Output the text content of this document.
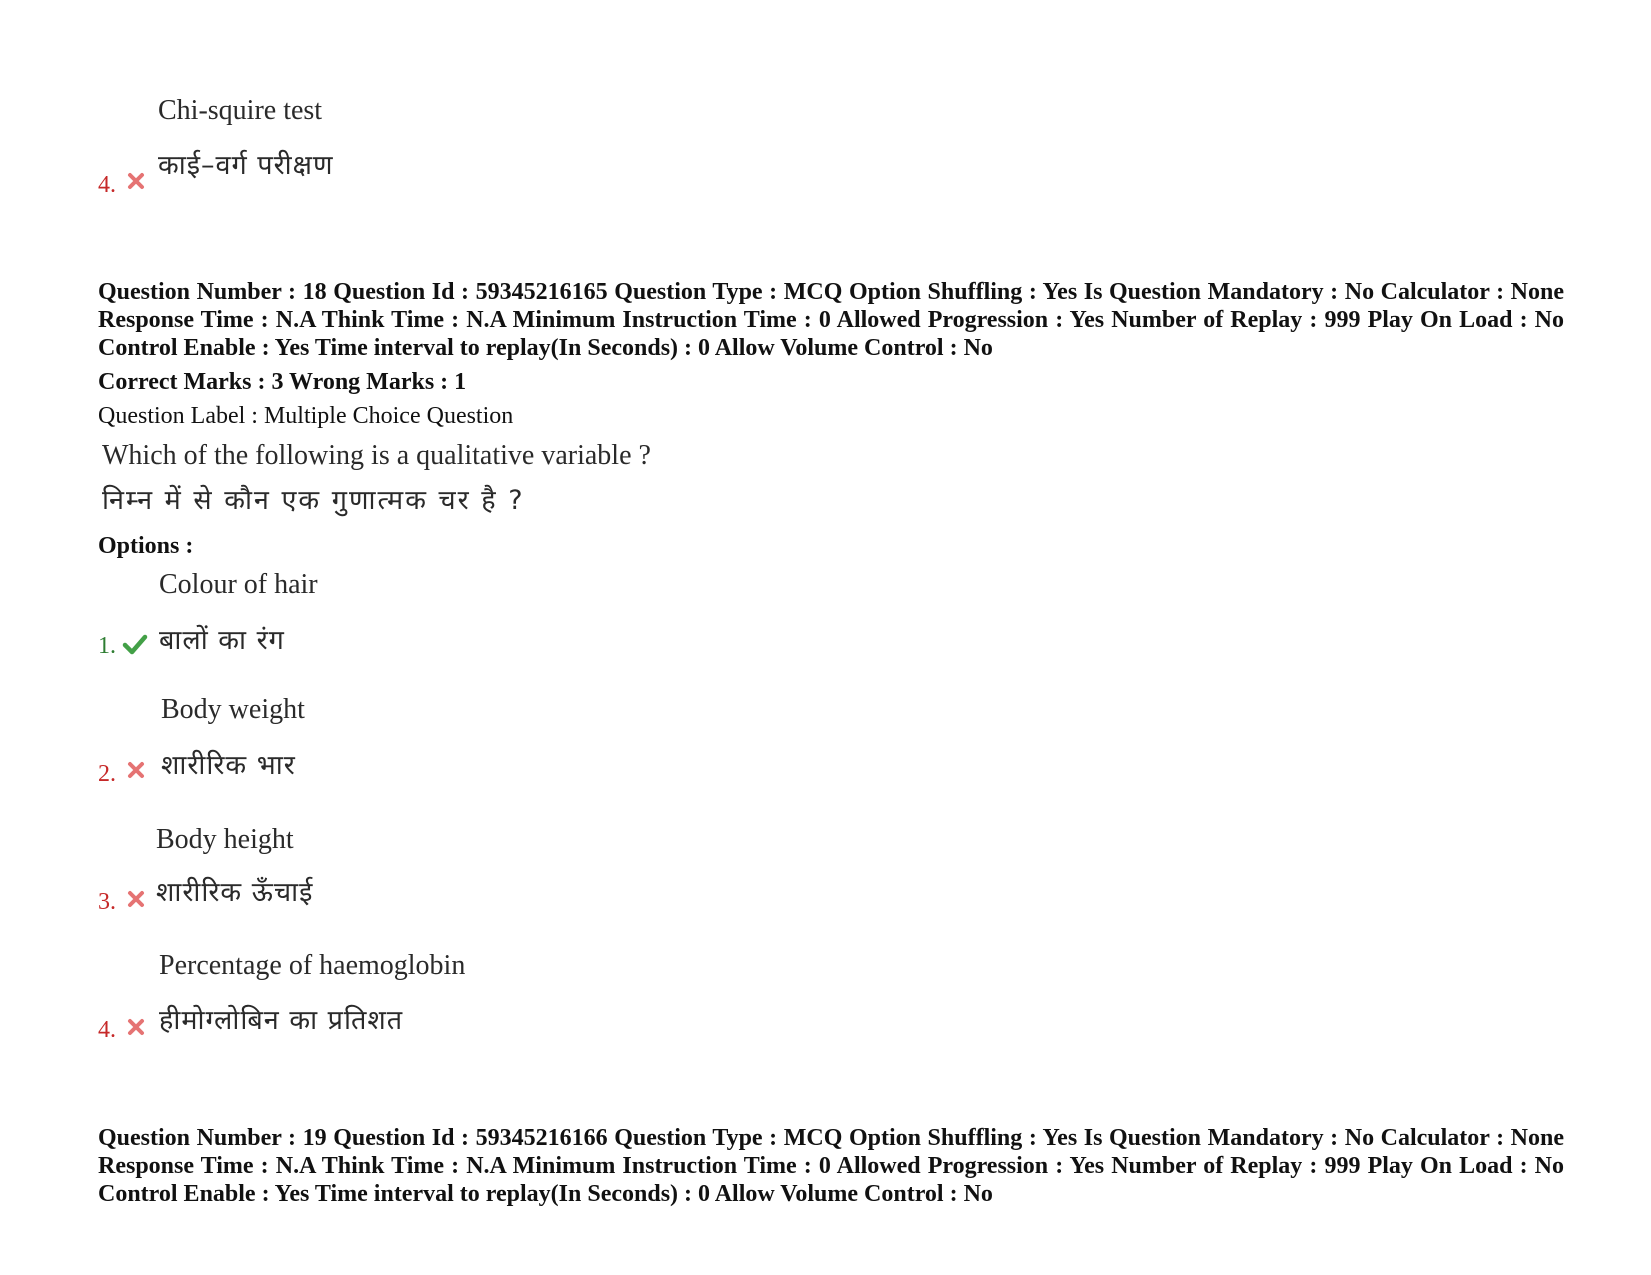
Chi-squire test
काई–वर्ग परीक्षण
4.
Question Number : 18 Question Id : 59345216165 Question Type : MCQ Option Shuffling : Yes Is Question Mandatory : No Calculator : None Response Time : N.A Think Time : N.A Minimum Instruction Time : 0 Allowed Progression : Yes Number of Replay : 999 Play On Load : No Control Enable : Yes Time interval to replay(In Seconds) : 0 Allow Volume Control : No
Correct Marks : 3 Wrong Marks : 1
Question Label : Multiple Choice Question
Which of the following is a qualitative variable ?
निम्न में से कौन एक गुणात्मक चर है ?
Options :
Colour of hair
बालों का रंग
1.
Body weight
शारीरिक भार
2.
Body height
शारीरिक ऊँचाई
3.
Percentage of haemoglobin
हीमोग्लोबिन का प्रतिशत
4.
Question Number : 19 Question Id : 59345216166 Question Type : MCQ Option Shuffling : Yes Is Question Mandatory : No Calculator : None Response Time : N.A Think Time : N.A Minimum Instruction Time : 0 Allowed Progression : Yes Number of Replay : 999 Play On Load : No Control Enable : Yes Time interval to replay(In Seconds) : 0 Allow Volume Control : No
